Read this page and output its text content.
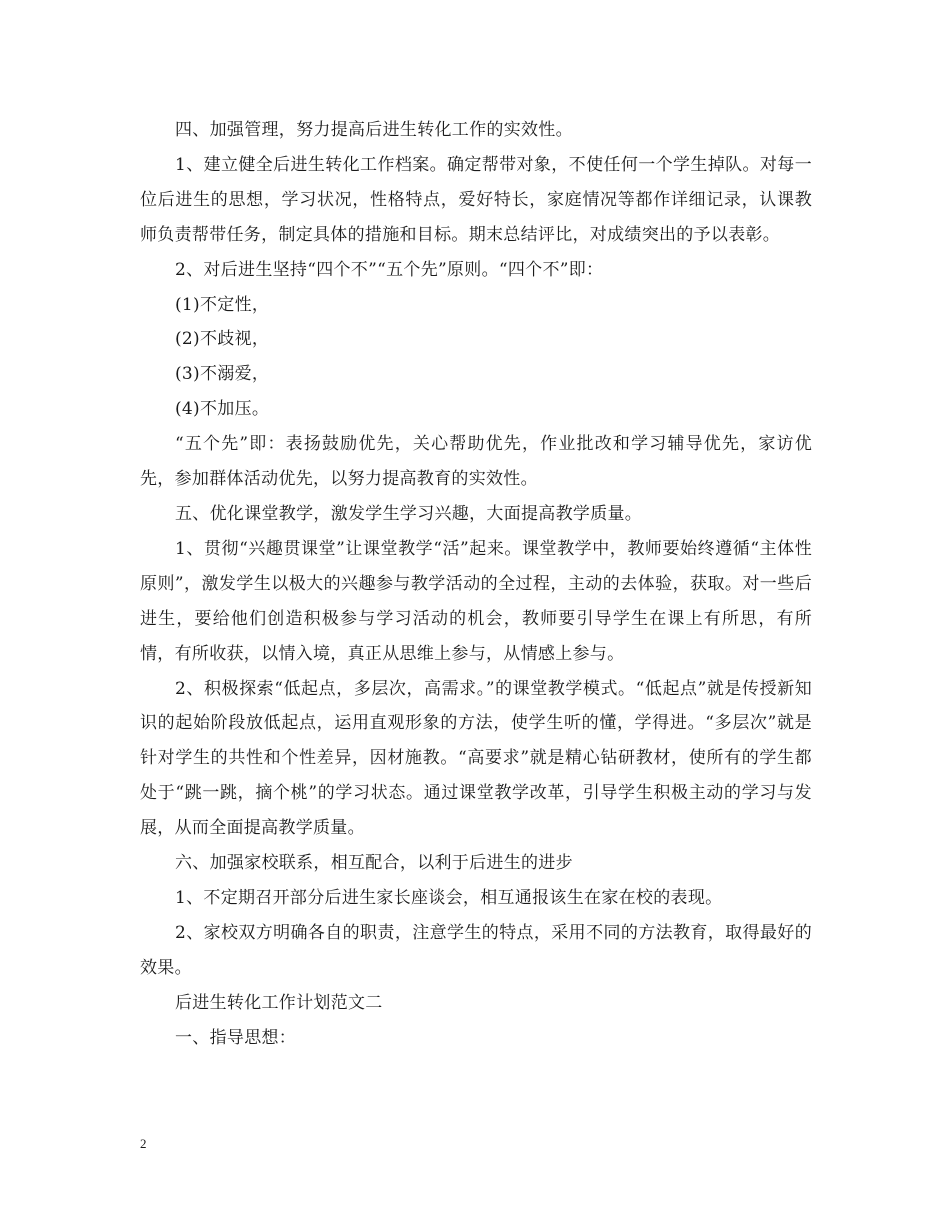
四、加强管理，努力提高后进生转化工作的实效性。

1、建立健全后进生转化工作档案。确定帮带对象，不使任何一个学生掉队。对每一位后进生的思想，学习状况，性格特点，爱好特长，家庭情况等都作详细记录，认课教师负责帮带任务，制定具体的措施和目标。期末总结评比，对成绩突出的予以表彰。

2、对后进生坚持“四个不”“五个先”原则。“四个不”即：

(1)不定性，

(2)不歧视，

(3)不溺爱，

(4)不加压。

“五个先”即：表扬鼓励优先，关心帮助优先，作业批改和学习辅导优先，家访优先，参加群体活动优先，以努力提高教育的实效性。

五、优化课堂教学，激发学生学习兴趣，大面提高教学质量。

1、贯彻“兴趣贯课堂”让课堂教学“活”起来。课堂教学中，教师要始终遵循“主体性原则”，激发学生以极大的兴趣参与教学活动的全过程，主动的去体验，获取。对一些后进生，要给他们创造积极参与学习活动的机会，教师要引导学生在课上有所思，有所情，有所收获，以情入境，真正从思维上参与，从情感上参与。

2、积极探索“低起点，多层次，高需求。”的课堂教学模式。“低起点”就是传授新知识的起始阶段放低起点，运用直观形象的方法，使学生听的懂，学得进。“多层次”就是针对学生的共性和个性差异，因材施教。“高要求”就是精心钻研教材，使所有的学生都处于“跳一跳，摘个桃”的学习状态。通过课堂教学改革，引导学生积极主动的学习与发展，从而全面提高教学质量。

六、加强家校联系，相互配合，以利于后进生的进步

1、不定期召开部分后进生家长座谈会，相互通报该生在家在校的表现。

2、家校双方明确各自的职责，注意学生的特点，采用不同的方法教育，取得最好的效果。

后进生转化工作计划范文二

一、指导思想：

2
